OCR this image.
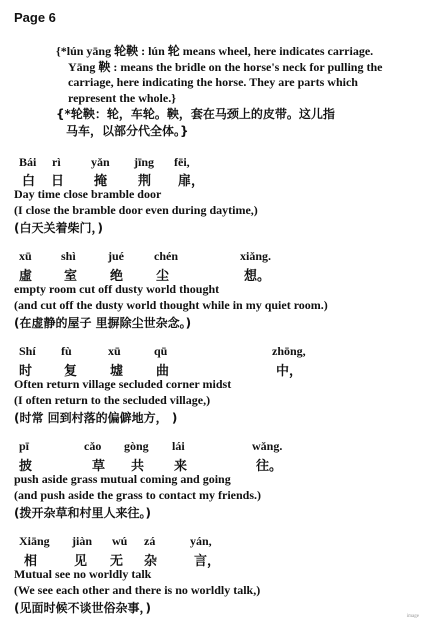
Page 6
{*lún yāng 轮鞅 : lún 轮 means wheel, here indicates carriage.
Yāng 鞅 : means the bridle on the horse's neck for pulling the
carriage, here indicating the horse. They are parts which
represent the whole.}
{*轮鞅：轮，车轮。鞅，套在马颈上的皮带。这儿指
马车，以部分代全体。}
Bái rì	yǎn jīng fēi,
白 日 掩 荆 扉，
Day time close bramble door
(I close the bramble door even during daytime,)
(白天关着柴门，)
xū shì	jué	chén	xiǎng.
虛 室	绝	尘	想。
empty room cut off dusty world thought
(and cut off the dusty world thought while in my quiet room.)
(在虚静的屋子 里摒除尘世杂念。)
Shí fù	xū	qū	zhōng,
时 复	墟	曲	中，
Often return village secluded corner midst
(I often return to the secluded village,)
(时常 回到村落的偏僻地方， )
pī	cǎo gòng lái	wǎng.
披	草 共 来	往。
push aside grass mutual coming and going
(and push aside the grass to contact my friends.)
(拨开杂草和村里人来往。)
Xiāng jiàn wú zá	yán,
相	见 无 杂	言，
Mutual see no worldly talk
(We see each other and there is no worldly talk,)
(见面时候不谈世俗杂事，)
image
